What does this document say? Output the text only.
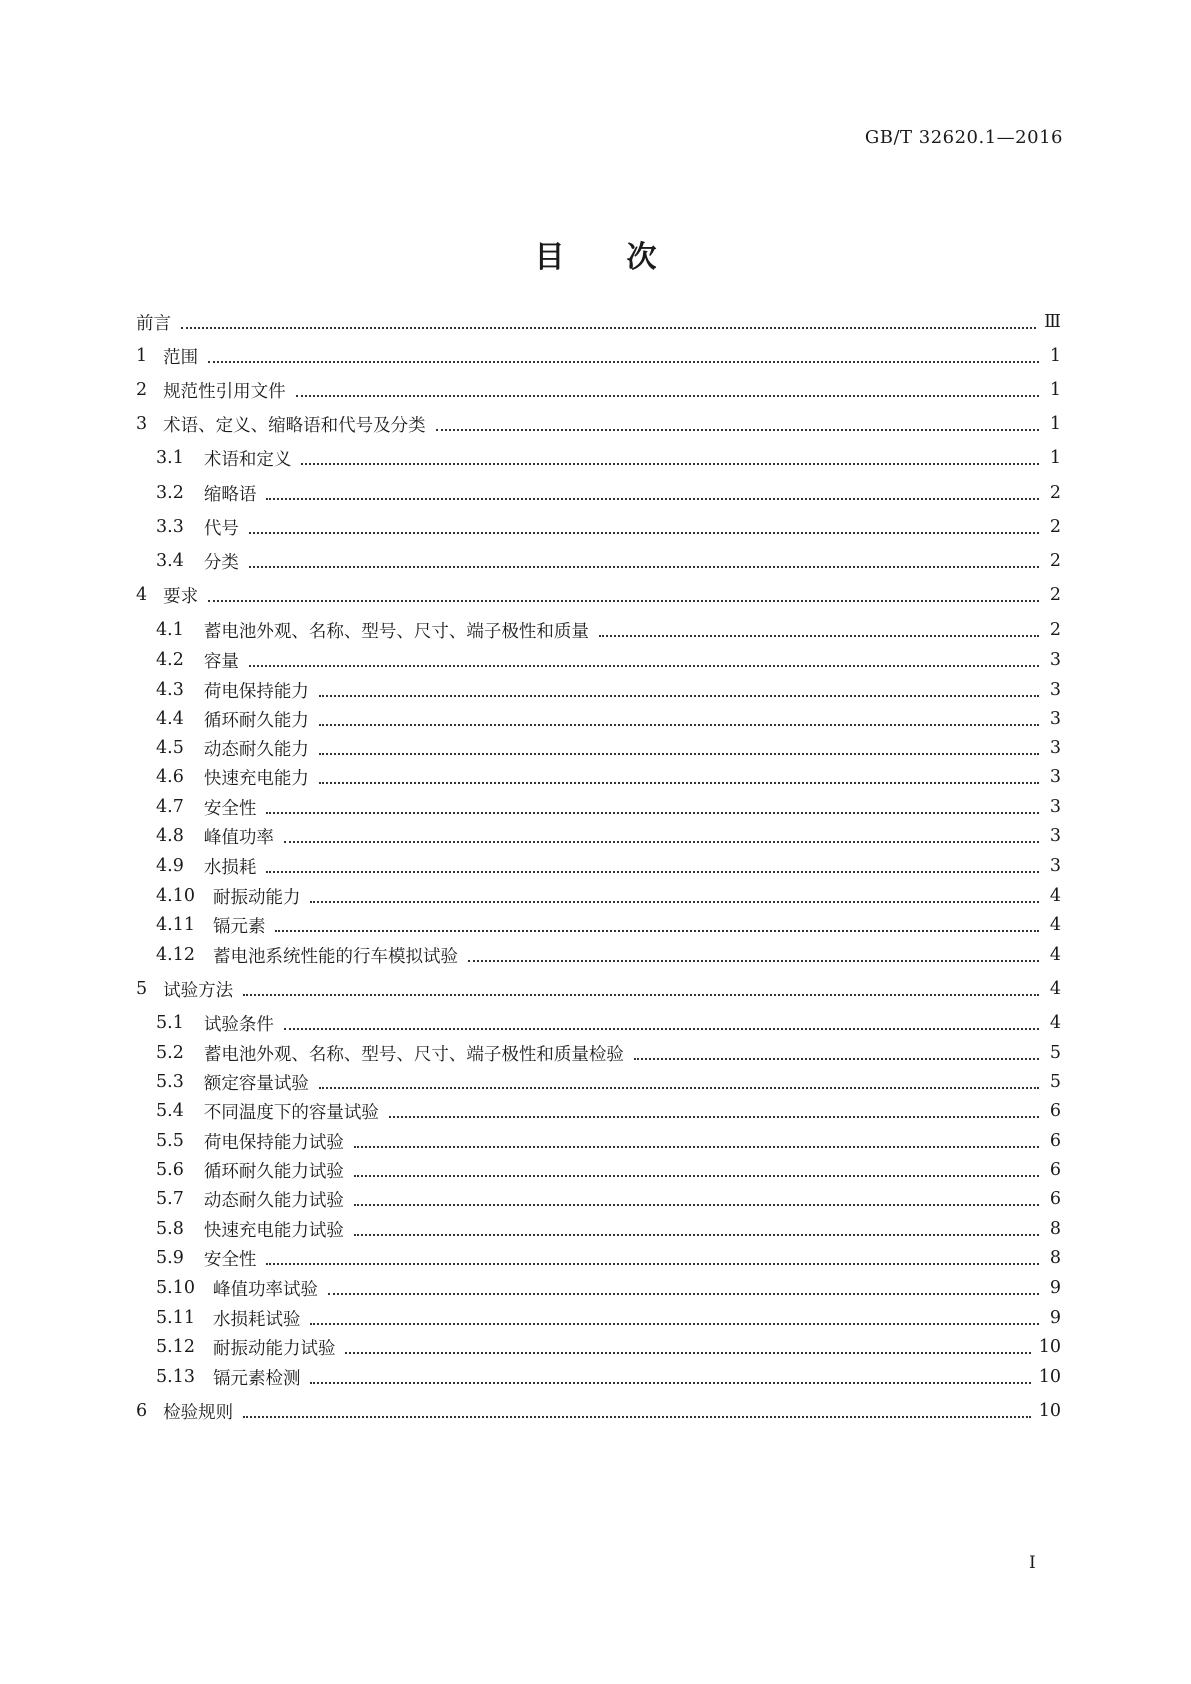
GB/T 32620.1—2016
目 次
前言	Ⅲ
1 范围	1
2 规范性引用文件	1
3 术语、定义、缩略语和代号及分类	1
3.1 术语和定义	1
3.2 缩略语	2
3.3 代号	2
3.4 分类	2
4 要求	2
4.1 蓄电池外观、名称、型号、尺寸、端子极性和质量	2
4.2 容量	3
4.3 荷电保持能力	3
4.4 循环耐久能力	3
4.5 动态耐久能力	3
4.6 快速充电能力	3
4.7 安全性	3
4.8 峰值功率	3
4.9 水损耗	3
4.10 耐振动能力	4
4.11 镉元素	4
4.12 蓄电池系统性能的行车模拟试验	4
5 试验方法	4
5.1 试验条件	4
5.2 蓄电池外观、名称、型号、尺寸、端子极性和质量检验	5
5.3 额定容量试验	5
5.4 不同温度下的容量试验	6
5.5 荷电保持能力试验	6
5.6 循环耐久能力试验	6
5.7 动态耐久能力试验	6
5.8 快速充电能力试验	8
5.9 安全性	8
5.10 峰值功率试验	9
5.11 水损耗试验	9
5.12 耐振动能力试验	10
5.13 镉元素检测	10
6 检验规则	10
I
